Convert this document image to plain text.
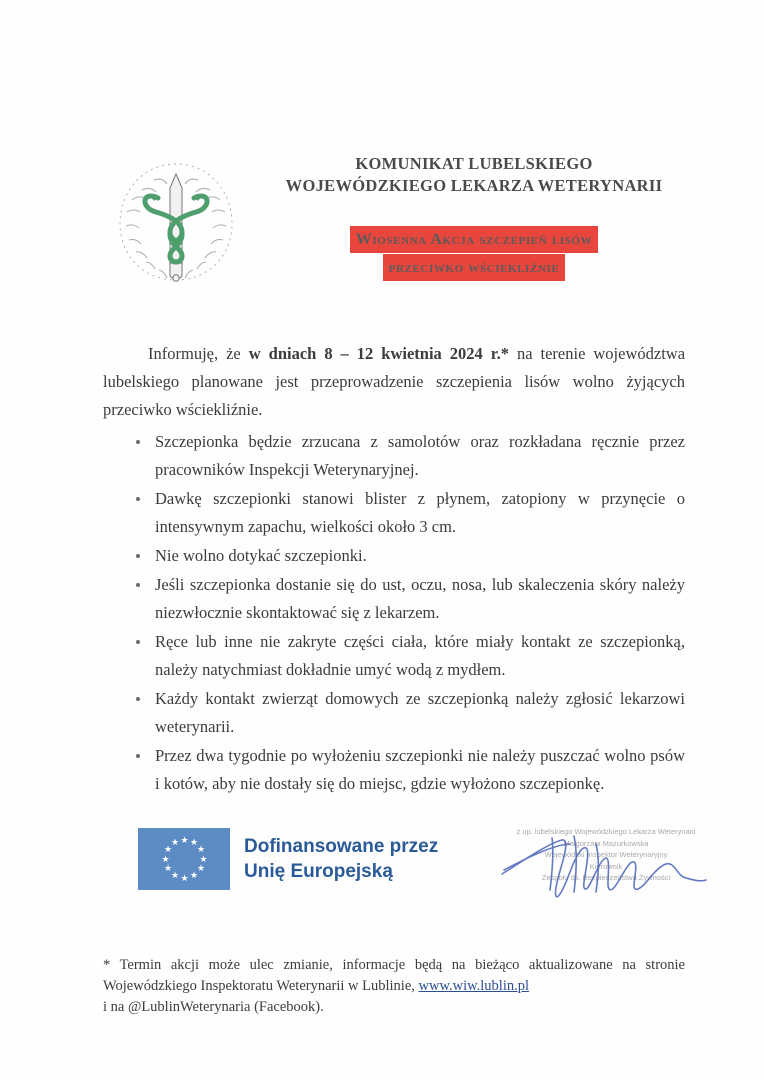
KOMUNIKAT LUBELSKIEGO
WOJEWÓDZKIEGO LEKARZA WETERYNARII
Wiosenna Akcja szczepień lisów
przeciwko wściekliźnie

Informuję, że w dniach 8 – 12 kwietnia 2024 r.* na terenie województwa lubelskiego planowane jest przeprowadzenie szczepienia lisów wolno żyjących przeciwko wściekliźnie.

Szczepionka będzie zrzucana z samolotów oraz rozkładana ręcznie przez pracowników Inspekcji Weterynaryjnej.
Dawkę szczepionki stanowi blister z płynem, zatopiony w przynęcie o intensywnym zapachu, wielkości około 3 cm.
Nie wolno dotykać szczepionki.
Jeśli szczepionka dostanie się do ust, oczu, nosa, lub skaleczenia skóry należy niezwłocznie skontaktować się z lekarzem.
Ręce lub inne nie zakryte części ciała, które miały kontakt ze szczepionką, należy natychmiast dokładnie umyć wodą z mydłem.
Każdy kontakt zwierząt domowych ze szczepionką należy zgłosić lekarzowi weterynarii.
Przez dwa tygodnie po wyłożeniu szczepionki nie należy puszczać wolno psów i kotów, aby nie dostały się do miejsc, gdzie wyłożono szczepionkę.
★ ★
★
★
★
★
★
★
★
★
★
★	Dofinansowane przez
Unię Europejską
z up. lubelskiego Wojewódzkiego Lekarza Weterynarii
Małgorzata Mazurkowska
Wojewódzki Inspektor Weterynaryjny
Kierownik
Zespołu ds. Bezpieczeństwa Żywności
* Termin akcji może ulec zmianie, informacje będą na bieżąco aktualizowane na stronie Wojewódzkiego Inspektoratu Weterynarii w Lublinie, www.wiw.lublin.pl
i na @LublinWeterynaria (Facebook).
